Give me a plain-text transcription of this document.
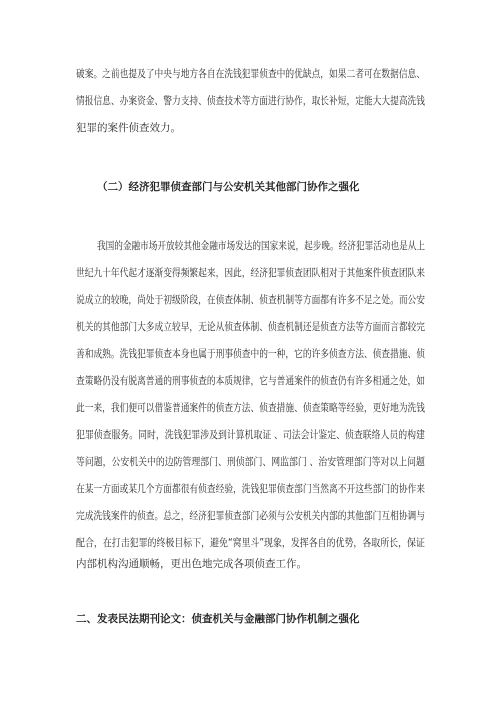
破案。之前也提及了中央与地方各自在洗钱犯罪侦查中的优缺点，如果二者可在数据信息、
情报信息、办案资金、警力支持、侦查技术等方面进行协作，取长补短，定能大大提高洗钱
犯罪的案件侦查效力。
（二）经济犯罪侦查部门与公安机关其他部门协作之强化
我国的金融市场开放较其他金融市场发达的国家来说，起步晚。经济犯罪活动也是从上
世纪九十年代起才逐渐变得频繁起来，因此，经济犯罪侦查团队相对于其他案件侦查团队来
说成立的较晚，尚处于初级阶段，在侦查体制、侦查机制等方面都有许多不足之处。而公安
机关的其他部门大多成立较早，无论从侦查体制、侦查机制还是侦查方法等方面而言都较完
善和成熟。洗钱犯罪侦查本身也属于刑事侦查中的一种，它的许多侦查方法、侦查措施、侦
查策略仍没有脱离普通的刑事侦查的本质规律，它与普通案件的侦查仍有许多相通之处，如
此一来，我们便可以借鉴普通案件的侦查方法、侦查措施、侦查策略等经验，更好地为洗钱
犯罪侦查服务。同时，洗钱犯罪涉及到计算机取证 、司法会计鉴定、侦查联络人员的构建
等问题，公安机关中的边防管理部门、刑侦部门、网监部门 、治安管理部门等对以上问题
在某一方面或某几个方面都很有侦查经验，洗钱犯罪侦查部门当然离不开这些部门的协作来
完成洗钱案件的侦查。总之，经济犯罪侦查部门必须与公安机关内部的其他部门互相协调与
配合，在打击犯罪的终极目标下，避免“窝里斗”现象，发挥各自的优势，各取所长，保证
内部机构沟通顺畅，更出色地完成各项侦查工作。
二、发表民法期刊论文：侦查机关与金融部门协作机制之强化
